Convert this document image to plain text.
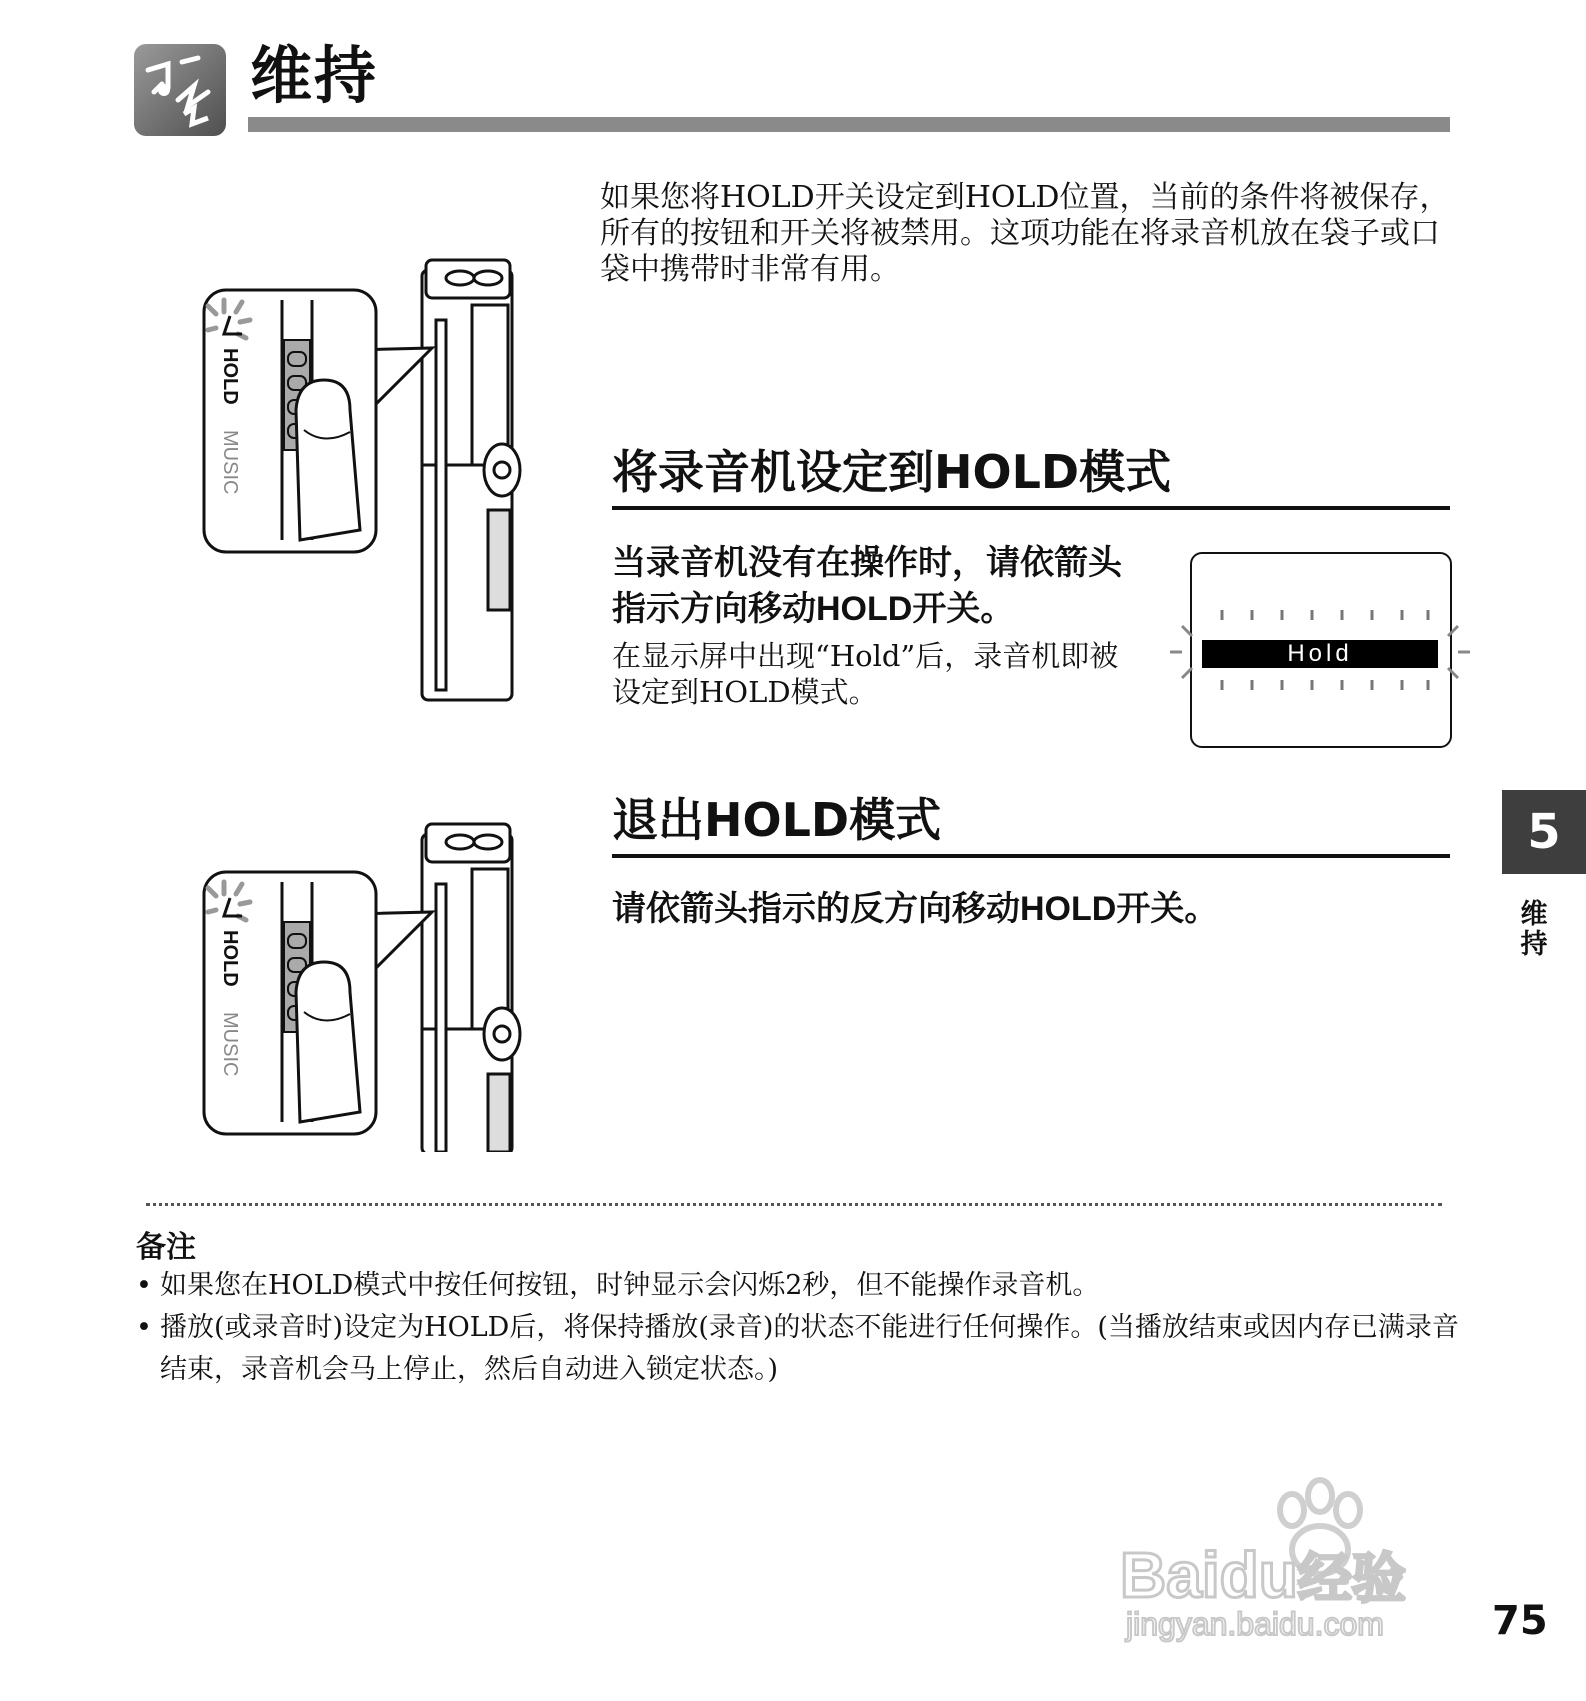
维持
如果您将HOLD开关设定到HOLD位置，当前的条件将被保存，所有的按钮和开关将被禁用。这项功能在将录音机放在袋子或口袋中携带时非常有用。
HOLD
MUSIC	将录音机设定到HOLD模式
当录音机没有在操作时，请依箭头指示方向移动HOLD开关。
在显示屏中出现“Hold”后，录音机即被设定到HOLD模式。
Hold
HOLD
MUSIC
退出HOLD模式
请依箭头指示的反方向移动HOLD开关。
备注
• 如果您在HOLD模式中按任何按钮，时钟显示会闪烁2秒，但不能操作录音机。
• 播放(或录音时)设定为HOLD后，将保持播放(录音)的状态不能进行任何操作。(当播放结束或因内存已满录音结束，录音机会马上停止，然后自动进入锁定状态。)
5
维持
Baidu经验
jingyan.baidu.com	75
